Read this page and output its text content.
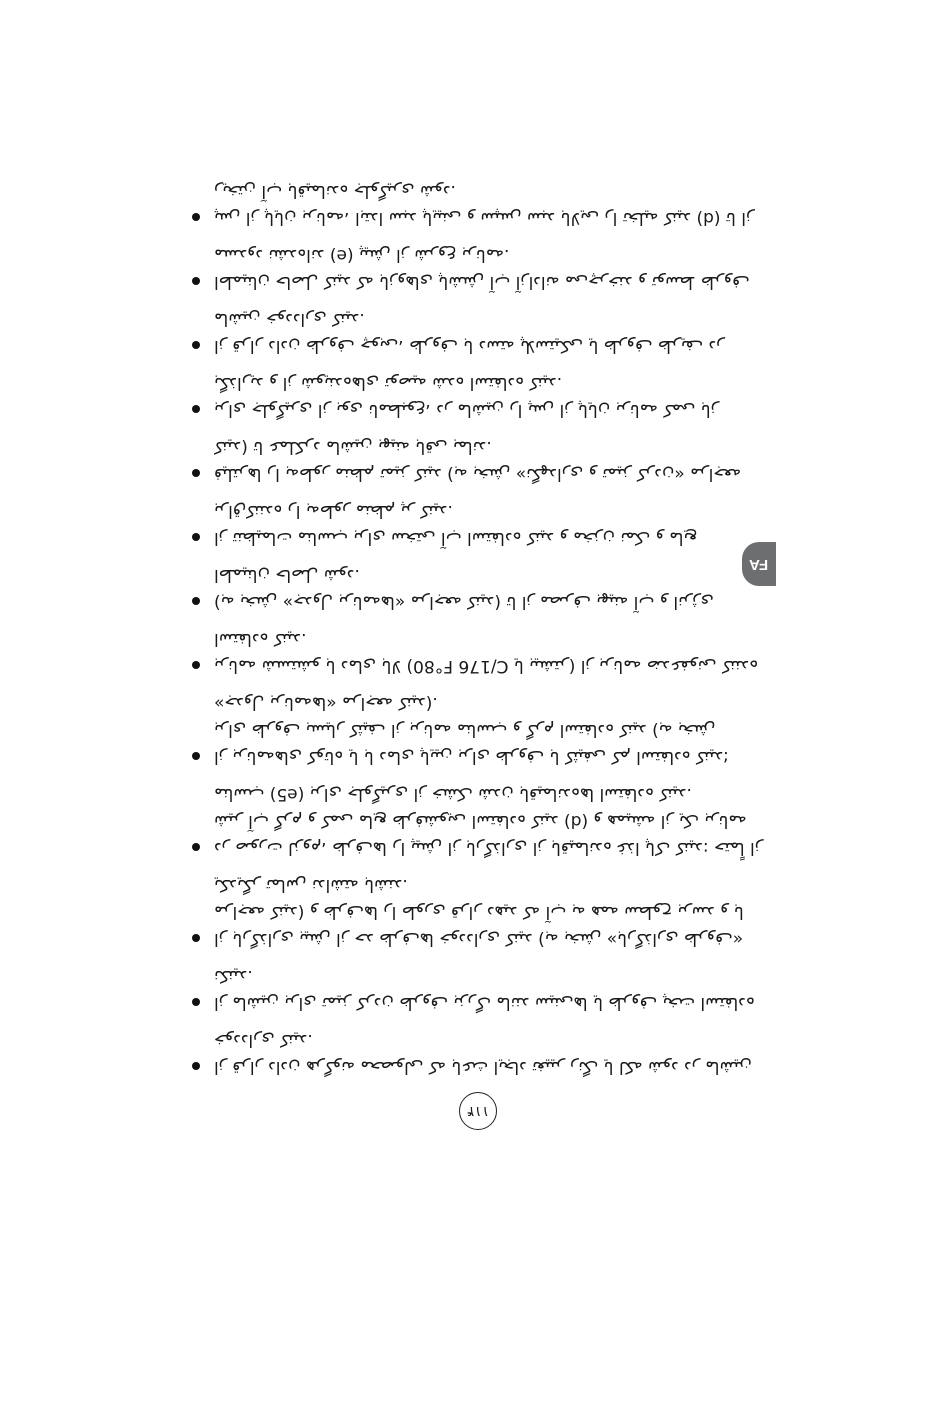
۱۱۴
از قرار دادن هرگونه محصولی که باعث ایجاد تغییر رنگ یا لکه شود در ماشین خودداری کنید.
از ماشین برای تمیز کردن ظروف بزرگ مانند سینی‌ها یا ظروف پخت استفاده نکنید.
از بارگذاری بیش از حد ظرف‌ها خودداری کنید (به بخش «بارگذاری ظروف» مراجعه کنید) و ظرف‌ها را طوری قرار دهید که آب به همه سطوح برسد و با یکدیگر تماس نداشته باشند.
در صورت لزوم، ظرف‌ها را پیش از بارگذاری از باقیمانده غذا پاک کنید: حتماً از شیر آب گرم و کمی مایع ظرفشویی استفاده کنید (d) و همیشه از یک برنامه مناسب (e5) برای جلوگیری از خشک شدن باقیمانده‌ها استفاده کنید.
از برنامه‌های کوتاه یا با دمای پایین برای ظروف با کثیفی کم استفاده کنید؛ برای ظروف بسیار کثیف از برنامه مناسب و گرم استفاده کنید (به بخش «جدول برنامه‌ها» مراجعه کنید).
برنامه شستشو با دمای بالا (80°C/176 F یا بیشتر) از برنامه ضدعفونی کننده استفاده کنید.
(به بخش «جدول برنامه‌ها» مراجعه کنید) تا از مصرف بهینه آب و انرژی اطمینان حاصل شود.
از تنظیمات مناسب برای سختی آب استفاده کنید و مخزن نمک و مایع براق‌کننده را به‌طور منظم پر کنید.
فیلترها را به‌طور منظم تمیز کنید (به بخش «نگهداری و تمیز کردن» مراجعه کنید) تا عملکرد ماشین بهینه باقی بماند.
برای جلوگیری از بوی نامطبوع، در ماشین را پس از پایان برنامه کمی باز بگذارید و از شوینده‌های توصیه شده استفاده کنید.
از قرار دادن ظروف چوبی، ظروف با دسته پلاستیکی یا ظروف ظریف در ماشین خودداری کنید.
اطمینان حاصل کنید که بازوهای پاشش آب آزادانه می‌چرخند و توسط ظروف مسدود نشده‌اند (e) پیش از شروع برنامه.
پس از پایان برنامه، ابتدا سبد پایینی و سپس سبد بالایی را تخلیه کنید (d) تا از ریختن آب باقیمانده جلوگیری شود.
FA
